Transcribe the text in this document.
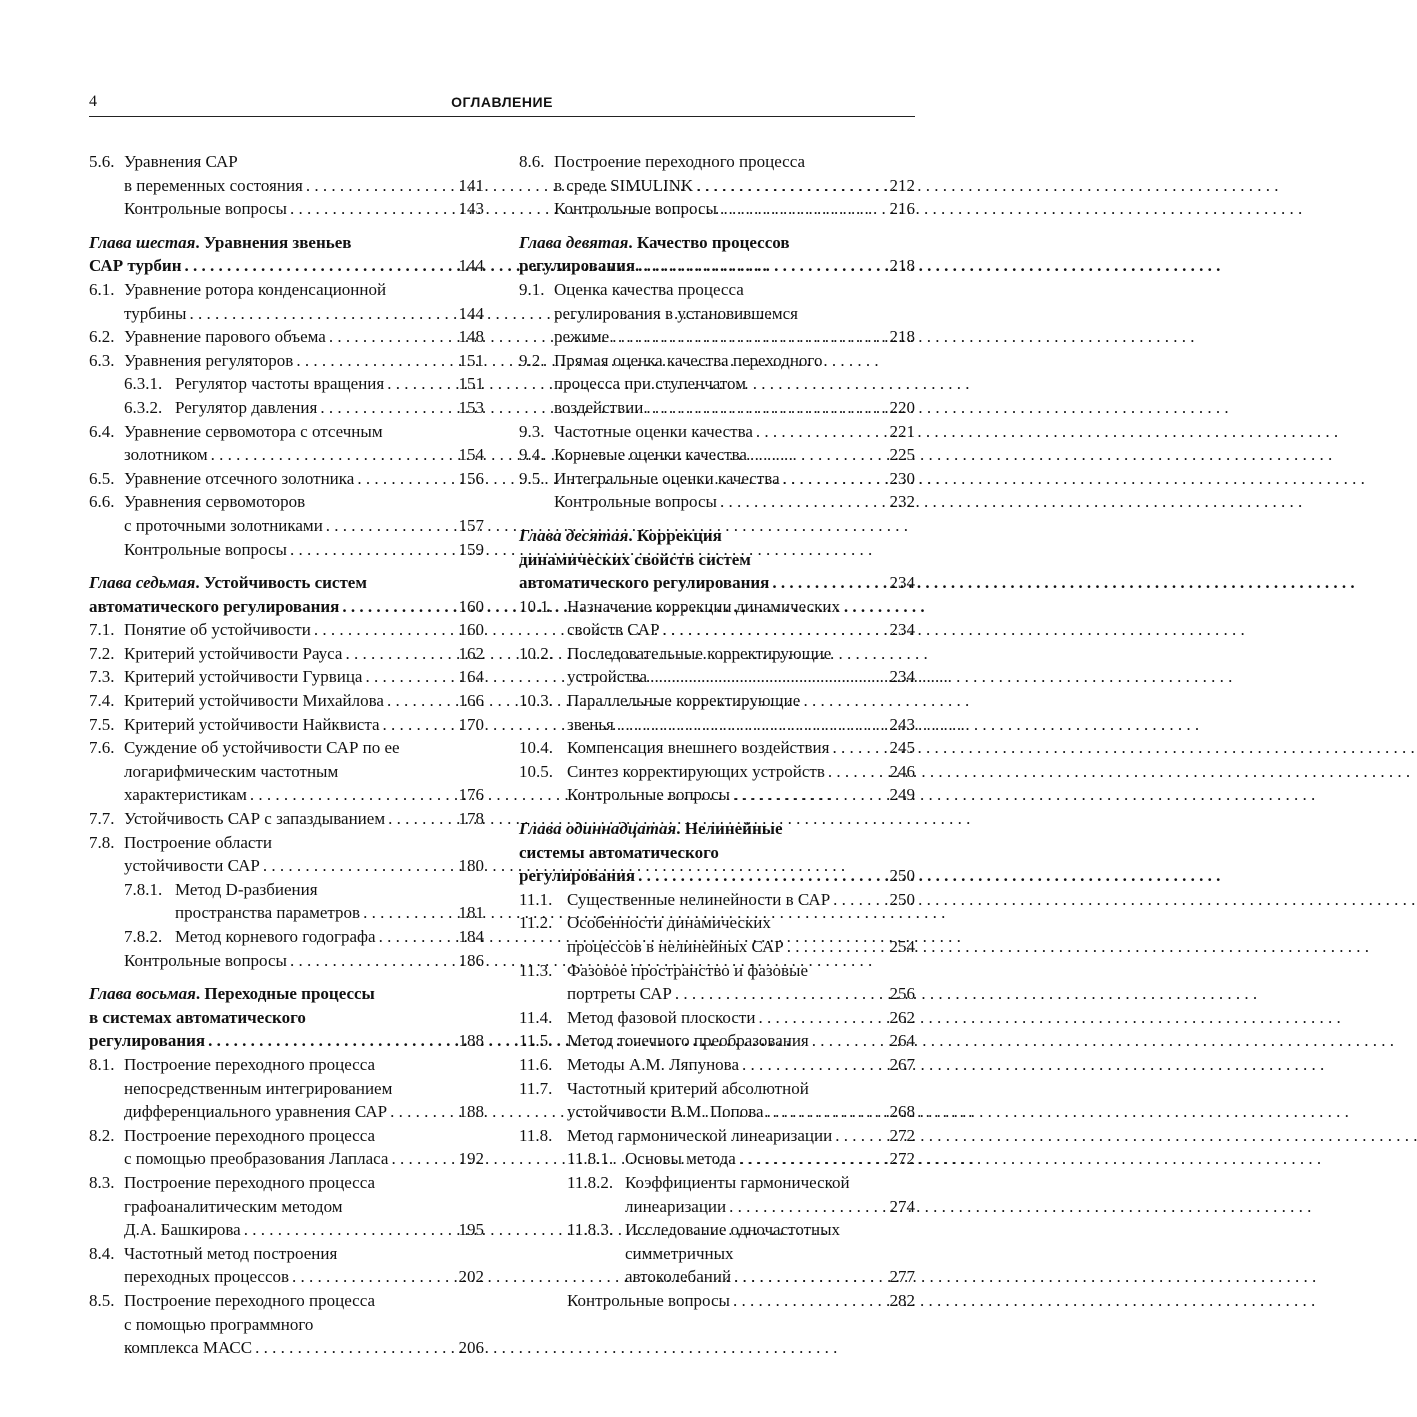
4	ОГЛАВЛЕНИЕ
5.6. Уравнения САР
в переменных состояния . . .	141
Контрольные вопросы . . .	143
Глава шестая. Уравнения звеньев
САР турбин . . .	144
6.1. Уравнение ротора конденсационной
турбины . . .	144
6.2. Уравнение парового объема . . .	148
6.3. Уравнения регуляторов . . .	151
6.3.1. Регулятор частоты вращения . . .	151
6.3.2. Регулятор давления . . .	153
6.4. Уравнение сервомотора с отсечным
золотником . . .	154
6.5. Уравнение отсечного золотника . . .	156
6.6. Уравнения сервомоторов
с проточными золотниками . . .	157
Контрольные вопросы . . .	159
Глава седьмая. Устойчивость систем
автоматического регулирования . . .	160
7.1. Понятие об устойчивости . . .	160
7.2. Критерий устойчивости Рауса . . .	162
7.3. Критерий устойчивости Гурвица . . .	164
7.4. Критерий устойчивости Михайлова . . .	166
7.5. Критерий устойчивости Найквиста . . .	170
7.6. Суждение об устойчивости САР по ее
логарифмическим частотным
характеристикам . . .	176
7.7. Устойчивость САР с запаздыванием . . .	178
7.8. Построение области
устойчивости САР . . .	180
7.8.1. Метод D-разбиения
пространства параметров . . .	181
7.8.2. Метод корневого годографа . . .	184
Контрольные вопросы . . .	186
Глава восьмая. Переходные процессы
в системах автоматического
регулирования . . .	188
8.1. Построение переходного процесса
непосредственным интегрированием
дифференциального уравнения САР . . .	188
8.2. Построение переходного процесса
с помощью преобразования Лапласа . . .	192
8.3. Построение переходного процесса
графоаналитическим методом
Д.А. Башкирова . . .	195
8.4. Частотный метод построения
переходных процессов . . .	202
8.5. Построение переходного процесса
с помощью программного
комплекса МАСС . . .	206
8.6. Построение переходного процесса
в среде SIMULINK . . .	212
Контрольные вопросы . . .	216
Глава девятая. Качество процессов
регулирования . . .	218
9.1. Оценка качества процесса
регулирования в установившемся
режиме . . .	218
9.2. Прямая оценка качества переходного
процесса при ступенчатом
воздействии . . .	220
9.3. Частотные оценки качества . . .	221
9.4. Корневые оценки качества . . .	225
9.5. Интегральные оценки качества . . .	230
Контрольные вопросы . . .	232
Глава десятая. Коррекция
динамических свойств систем
автоматического регулирования . . .	234
10.1. Назначение коррекции динамических
свойств САР . . .	234
10.2. Последовательные корректирующие
устройства . . .	234
10.3. Параллельные корректирующие
звенья . . .	243
10.4. Компенсация внешнего воздействия . . .	245
10.5. Синтез корректирующих устройств . . .	246
Контрольные вопросы . . .	249
Глава одиннадцатая. Нелинейные
системы автоматического
регулирования . . .	250
11.1. Существенные нелинейности в САР . . .	250
11.2. Особенности динамических
процессов в нелинейных САР . . .	254
11.3. Фазовое пространство и фазовые
портреты САР . . .	256
11.4. Метод фазовой плоскости . . .	262
11.5. Метод точечного преобразования . . .	264
11.6. Методы А.М. Ляпунова . . .	267
11.7. Частотный критерий абсолютной
устойчивости В.М. Попова . . .	268
11.8. Метод гармонической линеаризации . . .	272
11.8.1. Основы метода . . .	272
11.8.2. Коэффициенты гармонической
линеаризации . . .	274
11.8.3. Исследование одночастотных
симметричных
автоколебаний . . .	277
Контрольные вопросы . . .	282
